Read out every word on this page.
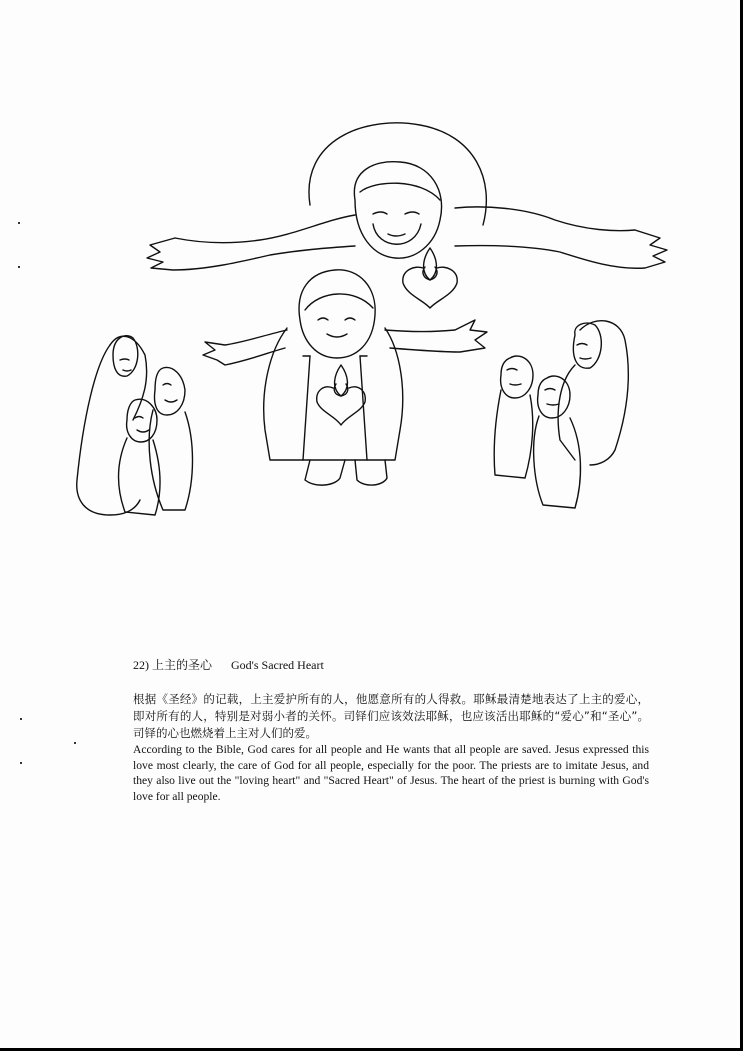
22) 上主的圣心 God's Sacred Heart

根据《圣经》的记载，上主爱护所有的人，他愿意所有的人得救。耶稣最清楚地表达了上主的爱心，即对所有的人，特别是对弱小者的关怀。司铎们应该效法耶稣，也应该活出耶稣的“爱心”和“圣心”。司铎的心也燃烧着上主对人们的爱。

According to the Bible, God cares for all people and He wants that all people are saved. Jesus expressed this love most clearly, the care of God for all people, especially for the poor. The priests are to imitate Jesus, and they also live out the "loving heart" and "Sacred Heart" of Jesus. The heart of the priest is burning with God's love for all people.
